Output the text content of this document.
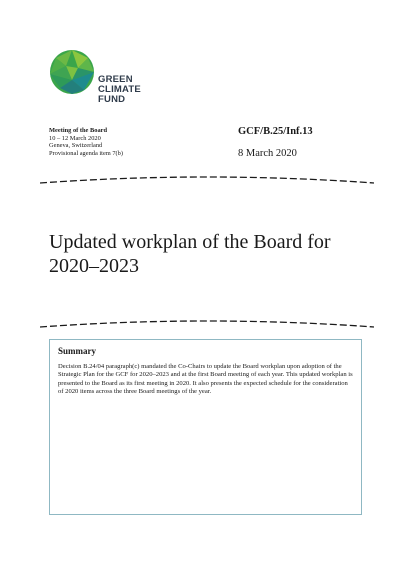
GREEN
CLIMATE
FUND
Meeting of the Board
10 – 12 March 2020
Geneva, Switzerland
Provisional agenda item 7(b)
GCF/B.25/Inf.13
8 March 2020
Updated workplan of the Board for
2020–2023

Summary

Decision B.24/04 paragraph(c) mandated the Co-Chairs to update the Board workplan upon adoption of the Strategic Plan for the GCF for 2020–2023 and at the first Board meeting of each year. This updated workplan is presented to the Board as its first meeting in 2020. It also presents the expected schedule for the consideration of 2020 items across the three Board meetings of the year.
